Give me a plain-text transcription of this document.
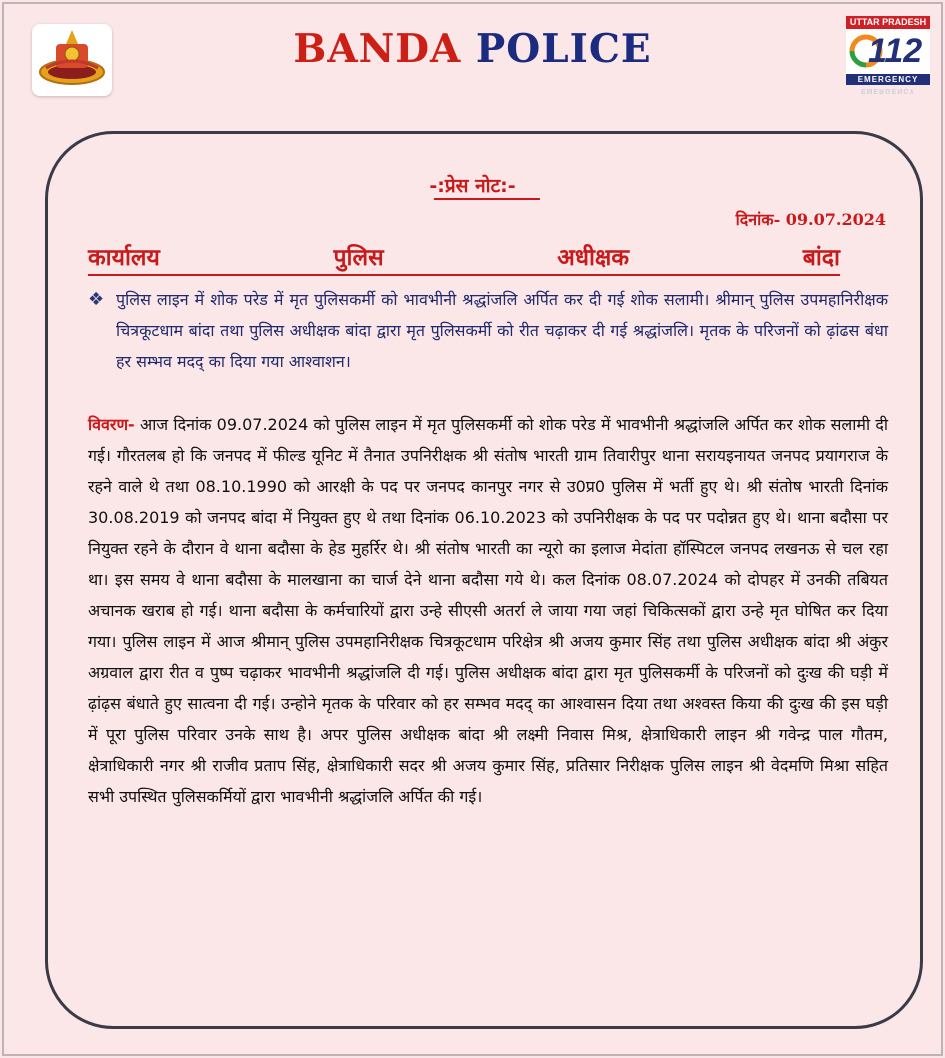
BANDA POLICE
UTTAR PRADESH
112
EMERGENCY
EMERGENCY
-:प्रेस नोट:-
दिनांक- 09.07.2024
कार्यालय	पुलिस	अधीक्षक	बांदा
❖ पुलिस लाइन में शोक परेड में मृत पुलिसकर्मी को भावभीनी श्रद्धांजलि अर्पित कर दी गई शोक सलामी। श्रीमान् पुलिस उपमहानिरीक्षक चित्रकूटधाम बांदा तथा पुलिस अधीक्षक बांदा द्वारा मृत पुलिसकर्मी को रीत चढ़ाकर दी गई श्रद्धांजलि। मृतक के परिजनों को ढ़ांढस बंधा हर सम्भव मदद् का दिया गया आश्वाशन।
विवरण- आज दिनांक 09.07.2024 को पुलिस लाइन में मृत पुलिसकर्मी को शोक परेड में भावभीनी श्रद्धांजलि अर्पित कर शोक सलामी दी गई। गौरतलब हो कि जनपद में फील्ड यूनिट में तैनात उपनिरीक्षक श्री संतोष भारती ग्राम तिवारीपुर थाना सरायइनायत जनपद प्रयागराज के रहने वाले थे तथा 08.10.1990 को आरक्षी के पद पर जनपद कानपुर नगर से उ0प्र0 पुलिस में भर्ती हुए थे। श्री संतोष भारती दिनांक 30.08.2019 को जनपद बांदा में नियुक्त हुए थे तथा दिनांक 06.10.2023 को उपनिरीक्षक के पद पर पदोन्नत हुए थे। थाना बदौसा पर नियुक्त रहने के दौरान वे थाना बदौसा के हेड मुहर्रिर थे। श्री संतोष भारती का न्यूरो का इलाज मेदांता हॉस्पिटल जनपद लखनऊ से चल रहा था। इस समय वे थाना बदौसा के मालखाना का चार्ज देने थाना बदौसा गये थे। कल दिनांक 08.07.2024 को दोपहर में उनकी तबियत अचानक खराब हो गई। थाना बदौसा के कर्मचारियों द्वारा उन्हे सीएसी अतर्रा ले जाया गया जहां चिकित्सकों द्वारा उन्हे मृत घोषित कर दिया गया। पुलिस लाइन में आज श्रीमान् पुलिस उपमहानिरीक्षक चित्रकूटधाम परिक्षेत्र श्री अजय कुमार सिंह तथा पुलिस अधीक्षक बांदा श्री अंकुर अग्रवाल द्वारा रीत व पुष्प चढ़ाकर भावभीनी श्रद्धांजलि दी गई। पुलिस अधीक्षक बांदा द्वारा मृत पुलिसकर्मी के परिजनों को दुःख की घड़ी में ढ़ांढ़स बंधाते हुए सात्वना दी गई। उन्होने मृतक के परिवार को हर सम्भव मदद् का आश्वासन दिया तथा अश्वस्त किया की दुःख की इस घड़ी में पूरा पुलिस परिवार उनके साथ है। अपर पुलिस अधीक्षक बांदा श्री लक्ष्मी निवास मिश्र, क्षेत्राधिकारी लाइन श्री गवेन्द्र पाल गौतम, क्षेत्राधिकारी नगर श्री राजीव प्रताप सिंह, क्षेत्राधिकारी सदर श्री अजय कुमार सिंह, प्रतिसार निरीक्षक पुलिस लाइन श्री वेदमणि मिश्रा सहित सभी उपस्थित पुलिसकर्मियों द्वारा भावभीनी श्रद्धांजलि अर्पित की गई।
